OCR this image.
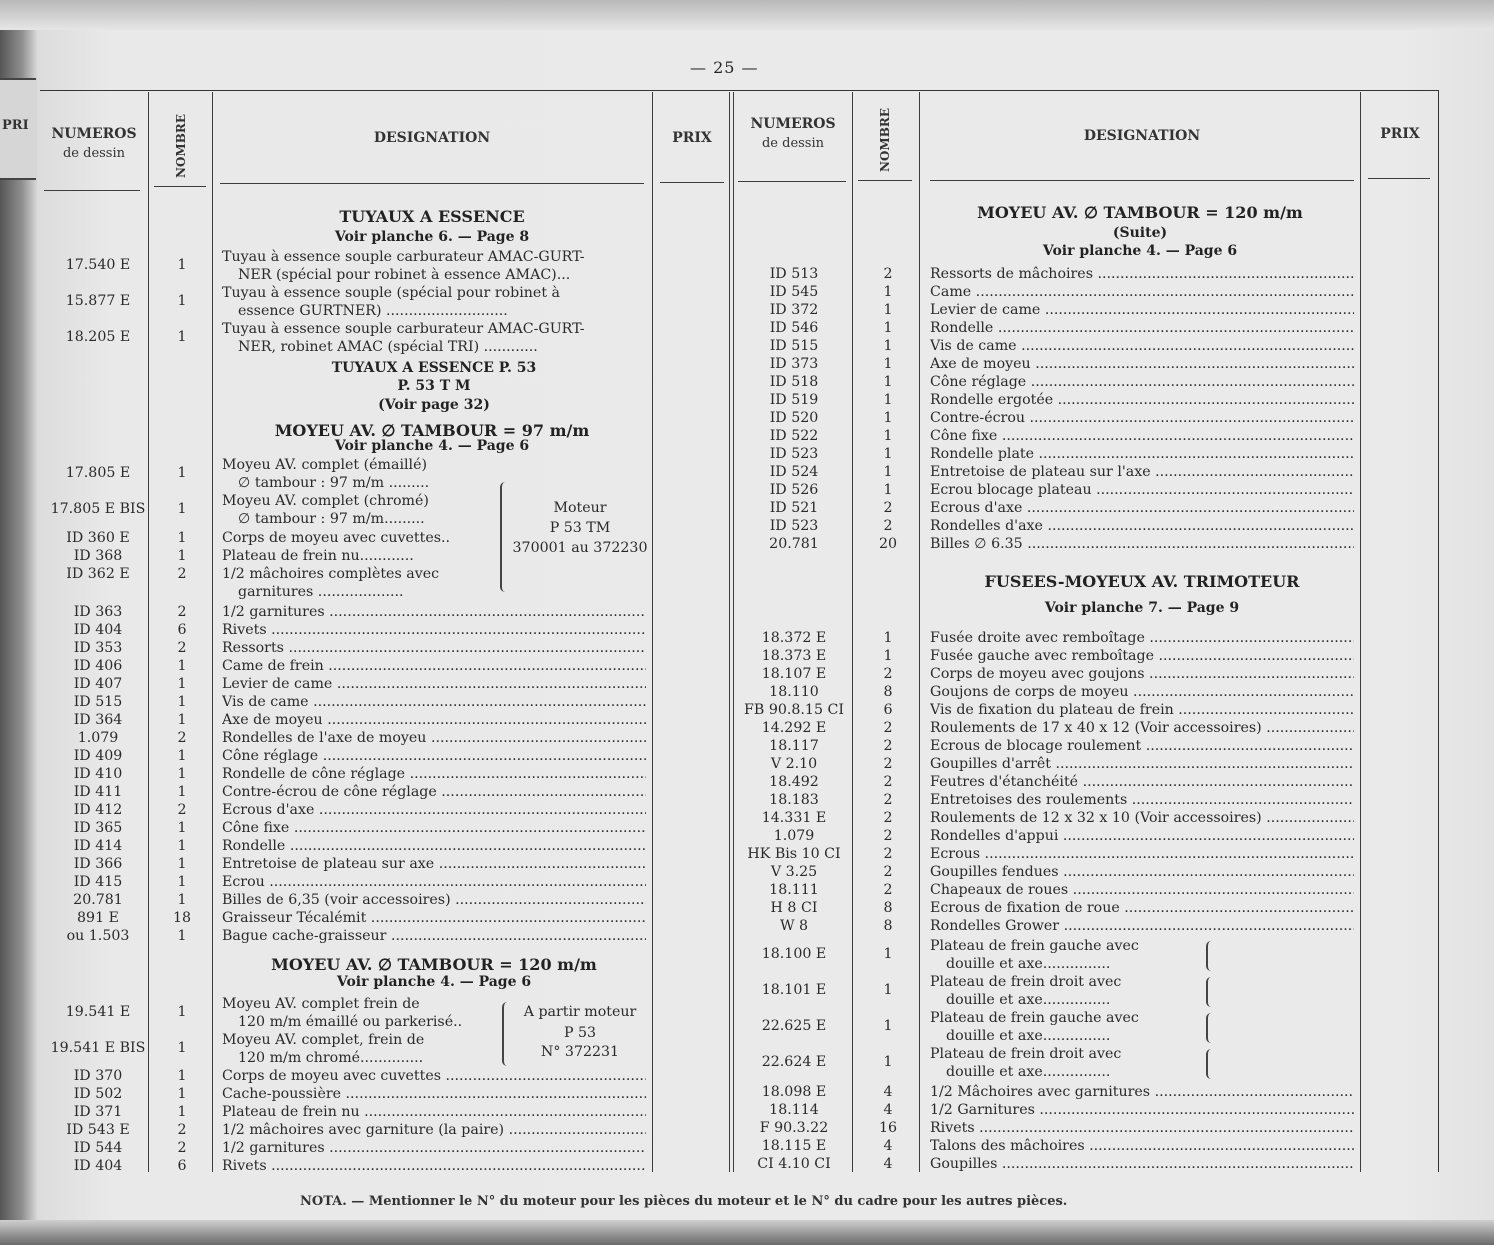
PRI
— 25 —
NUMEROS
de dessin	NOMBRE	DESIGNATION	PRIX
NUMEROS
de dessin	NOMBRE	DESIGNATION	PRIX
NOTA. — Mentionner le N° du moteur pour les pièces du moteur et le N° du cadre pour les autres pièces.
TUYAUX A ESSENCE
Voir planche 6. — Page 8
17.540 E	1	Tuyau à essence souple carburateur AMAC-GURT-
NER (spécial pour robinet à essence AMAC)...
15.877 E	1	Tuyau à essence souple (spécial pour robinet à
essence GURTNER) ...........................
18.205 E	1	Tuyau à essence souple carburateur AMAC-GURT-
NER, robinet AMAC (spécial TRI) ............
TUYAUX A ESSENCE P. 53
P. 53 T M
(Voir page 32)
MOYEU AV. ∅ TAMBOUR = 97 m/m
Voir planche 4. — Page 6
17.805 E	1	Moyeu AV. complet (émaillé)
∅ tambour : 97 m/m .........
17.805 E BIS	1	Moyeu AV. complet (chromé)
∅ tambour : 97 m/m.........
ID 360 E	1	Corps de moyeu avec cuvettes..
ID 368	1	Plateau de frein nu............
ID 362 E	2	1/2 mâchoires complètes avec
garnitures ...................
Moteur
P 53 TM
370001 au 372230
ID 363	2	1/2 garnitures .....
ID 404	6	Rivets .....
ID 353	2	Ressorts .....
ID 406	1	Came de frein .....
ID 407	1	Levier de came .....
ID 515	1	Vis de came .....
ID 364	1	Axe de moyeu .....
1.079	2	Rondelles de l'axe de moyeu .....
ID 409	1	Cône réglage .....
ID 410	1	Rondelle de cône réglage .....
ID 411	1	Contre-écrou de cône réglage .....
ID 412	2	Ecrous d'axe .....
ID 365	1	Cône fixe .....
ID 414	1	Rondelle .....
ID 366	1	Entretoise de plateau sur axe .....
ID 415	1	Ecrou .....
20.781	1	Billes de 6,35 (voir accessoires) .....
891 E	18	Graisseur Técalémit .....
ou 1.503	1	Bague cache-graisseur .....
MOYEU AV. ∅ TAMBOUR = 120 m/m
Voir planche 4. — Page 6
19.541 E	1	Moyeu AV. complet frein de
120 m/m émaillé ou parkerisé..
19.541 E BIS	1	Moyeu AV. complet, frein de
120 m/m chromé..............
A partir moteur
P 53
N° 372231
ID 370	1	Corps de moyeu avec cuvettes .....
ID 502	1	Cache-poussière .....
ID 371	1	Plateau de frein nu .....
ID 543 E	2	1/2 mâchoires avec garniture (la paire) .....
ID 544	2	1/2 garnitures .....
ID 404	6	Rivets .....
MOYEU AV. ∅ TAMBOUR = 120 m/m
(Suite)
Voir planche 4. — Page 6
ID 513	2	Ressorts de mâchoires .....
ID 545	1	Came .....
ID 372	1	Levier de came .....
ID 546	1	Rondelle .....
ID 515	1	Vis de came .....
ID 373	1	Axe de moyeu .....
ID 518	1	Cône réglage .....
ID 519	1	Rondelle ergotée .....
ID 520	1	Contre-écrou .....
ID 522	1	Cône fixe .....
ID 523	1	Rondelle plate .....
ID 524	1	Entretoise de plateau sur l'axe .....
ID 526	1	Ecrou blocage plateau .....
ID 521	2	Ecrous d'axe .....
ID 523	2	Rondelles d'axe .....
20.781	20	Billes ∅ 6.35 .....
FUSEES-MOYEUX AV. TRIMOTEUR
Voir planche 7. — Page 9
18.372 E	1	Fusée droite avec remboîtage .....
18.373 E	1	Fusée gauche avec remboîtage .....
18.107 E	2	Corps de moyeu avec goujons .....
18.110	8	Goujons de corps de moyeu .....
FB 90.8.15 CI	6	Vis de fixation du plateau de frein .....
14.292 E	2	Roulements de 17 x 40 x 12 (Voir accessoires) .....
18.117	2	Ecrous de blocage roulement .....
V 2.10	2	Goupilles d'arrêt .....
18.492	2	Feutres d'étanchéité .....
18.183	2	Entretoises des roulements .....
14.331 E	2	Roulements de 12 x 32 x 10 (Voir accessoires) .....
1.079	2	Rondelles d'appui .....
HK Bis 10 CI	2	Ecrous .....
V 3.25	2	Goupilles fendues .....
18.111	2	Chapeaux de roues .....
H 8 CI	8	Ecrous de fixation de roue .....
W 8	8	Rondelles Grower .....
18.100 E	1	Plateau de frein gauche avec
douille et axe...............
18.101 E	1	Plateau de frein droit avec
douille et axe...............
22.625 E	1	Plateau de frein gauche avec
douille et axe...............
22.624 E	1	Plateau de frein droit avec
douille et axe...............
18.098 E	4	1/2 Mâchoires avec garnitures .....
18.114	4	1/2 Garnitures .....
F 90.3.22	16	Rivets .....
18.115 E	4	Talons des mâchoires .....
CI 4.10 CI	4	Goupilles .....
